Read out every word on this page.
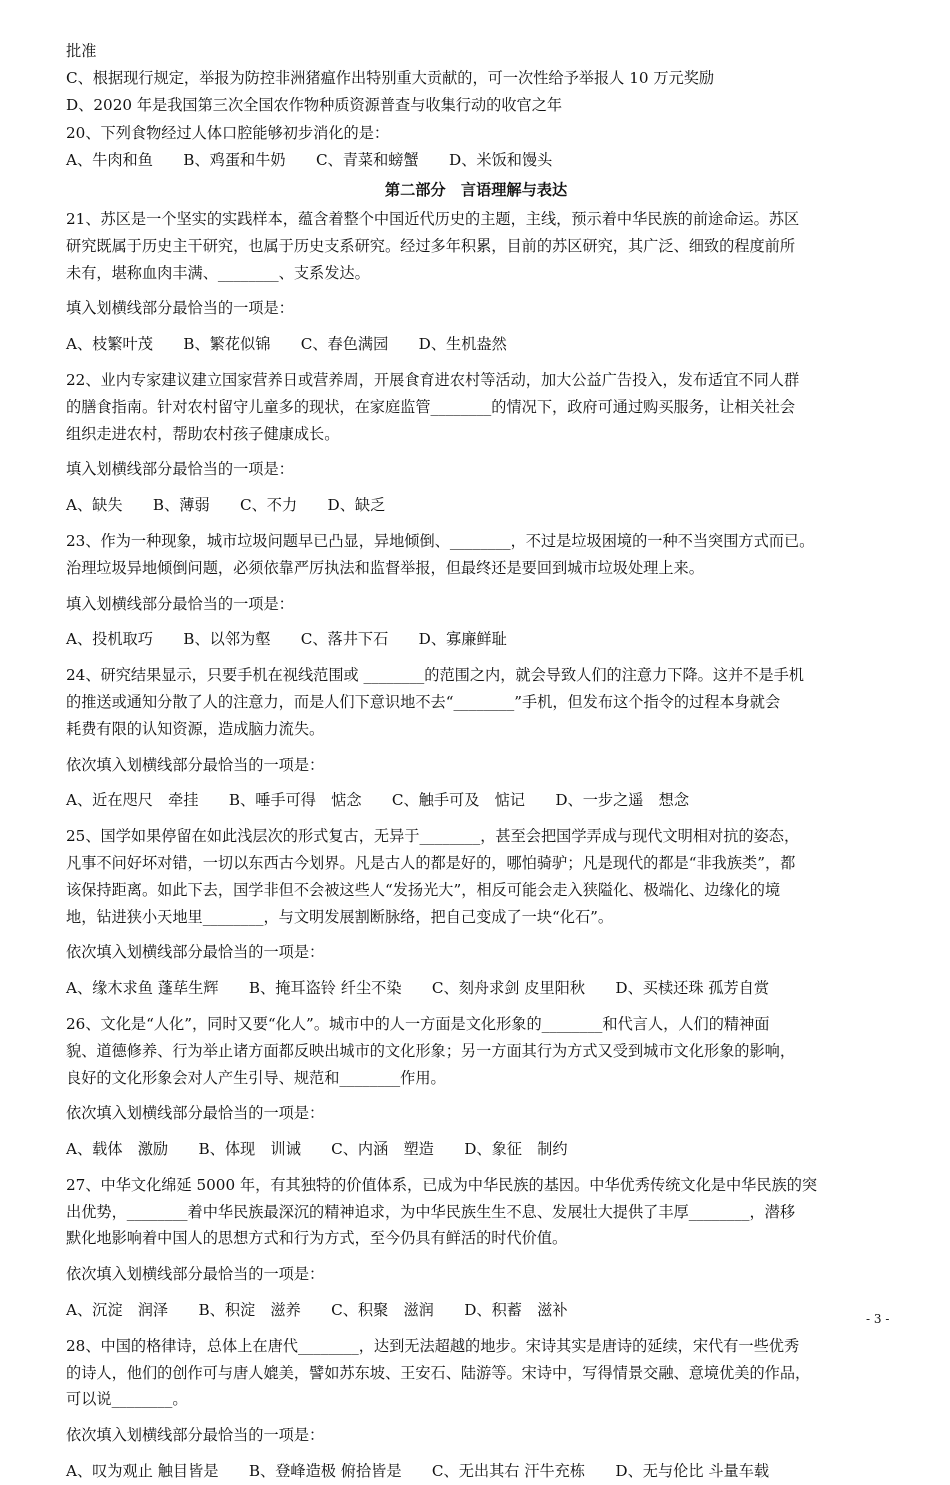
批准
C、根据现行规定，举报为防控非洲猪瘟作出特别重大贡献的，可一次性给予举报人 10 万元奖励
D、2020 年是我国第三次全国农作物种质资源普查与收集行动的收官之年
20、下列食物经过人体口腔能够初步消化的是：
A、牛肉和鱼　　B、鸡蛋和牛奶　　C、青菜和螃蟹　　D、米饭和馒头
第二部分　言语理解与表达
21、苏区是一个坚实的实践样本，蕴含着整个中国近代历史的主题，主线，预示着中华民族的前途命运。苏区
研究既属于历史主干研究，也属于历史支系研究。经过多年积累，目前的苏区研究，其广泛、细致的程度前所
未有，堪称血肉丰满、________、支系发达。
填入划横线部分最恰当的一项是：
A、枝繁叶茂　　B、繁花似锦　　C、春色满园　　D、生机盎然
22、业内专家建议建立国家营养日或营养周，开展食育进农村等活动，加大公益广告投入，发布适宜不同人群
的膳食指南。针对农村留守儿童多的现状，在家庭监管________的情况下，政府可通过购买服务，让相关社会
组织走进农村，帮助农村孩子健康成长。
填入划横线部分最恰当的一项是：
A、缺失　　B、薄弱　　C、不力　　D、缺乏
23、作为一种现象，城市垃圾问题早已凸显，异地倾倒、________，不过是垃圾困境的一种不当突围方式而已。
治理垃圾异地倾倒问题，必须依靠严厉执法和监督举报，但最终还是要回到城市垃圾处理上来。
填入划横线部分最恰当的一项是：
A、投机取巧　　B、以邻为壑　　C、落井下石　　D、寡廉鲜耻
24、研究结果显示，只要手机在视线范围或 ________的范围之内，就会导致人们的注意力下降。这并不是手机
的推送或通知分散了人的注意力，而是人们下意识地不去“________”手机，但发布这个指令的过程本身就会
耗费有限的认知资源，造成脑力流失。
依次填入划横线部分最恰当的一项是：
A、近在咫尺　牵挂　　B、唾手可得　惦念　　C、触手可及　惦记　　D、一步之遥　想念
25、国学如果停留在如此浅层次的形式复古，无异于________，甚至会把国学弄成与现代文明相对抗的姿态，
凡事不问好坏对错，一切以东西古今划界。凡是古人的都是好的，哪怕骑驴；凡是现代的都是“非我族类”，都
该保持距离。如此下去，国学非但不会被这些人“发扬光大”，相反可能会走入狭隘化、极端化、边缘化的境
地，钻进狭小天地里________，与文明发展割断脉络，把自己变成了一块“化石”。
依次填入划横线部分最恰当的一项是：
A、缘木求鱼 蓬荜生辉　　B、掩耳盗铃 纤尘不染　　C、刻舟求剑 皮里阳秋　　D、买椟还珠 孤芳自赏
26、文化是“人化”，同时又要“化人”。城市中的人一方面是文化形象的________和代言人，人们的精神面
貌、道德修养、行为举止诸方面都反映出城市的文化形象；另一方面其行为方式又受到城市文化形象的影响，
良好的文化形象会对人产生引导、规范和________作用。
依次填入划横线部分最恰当的一项是：
A、载体　激励　　B、体现　训诫　　C、内涵　塑造　　D、象征　制约
27、中华文化绵延 5000 年，有其独特的价值体系，已成为中华民族的基因。中华优秀传统文化是中华民族的突
出优势，________着中华民族最深沉的精神追求，为中华民族生生不息、发展壮大提供了丰厚________，潜移
默化地影响着中国人的思想方式和行为方式，至今仍具有鲜活的时代价值。
依次填入划横线部分最恰当的一项是：
A、沉淀　润泽　　B、积淀　滋养　　C、积聚　滋润　　D、积蓄　滋补
28、中国的格律诗，总体上在唐代________，达到无法超越的地步。宋诗其实是唐诗的延续，宋代有一些优秀
的诗人，他们的创作可与唐人媲美，譬如苏东坡、王安石、陆游等。宋诗中，写得情景交融、意境优美的作品，
可以说________。
依次填入划横线部分最恰当的一项是：
A、叹为观止 触目皆是　　B、登峰造极 俯拾皆是　　C、无出其右 汗牛充栋　　D、无与伦比 斗量车载
- 3 -
